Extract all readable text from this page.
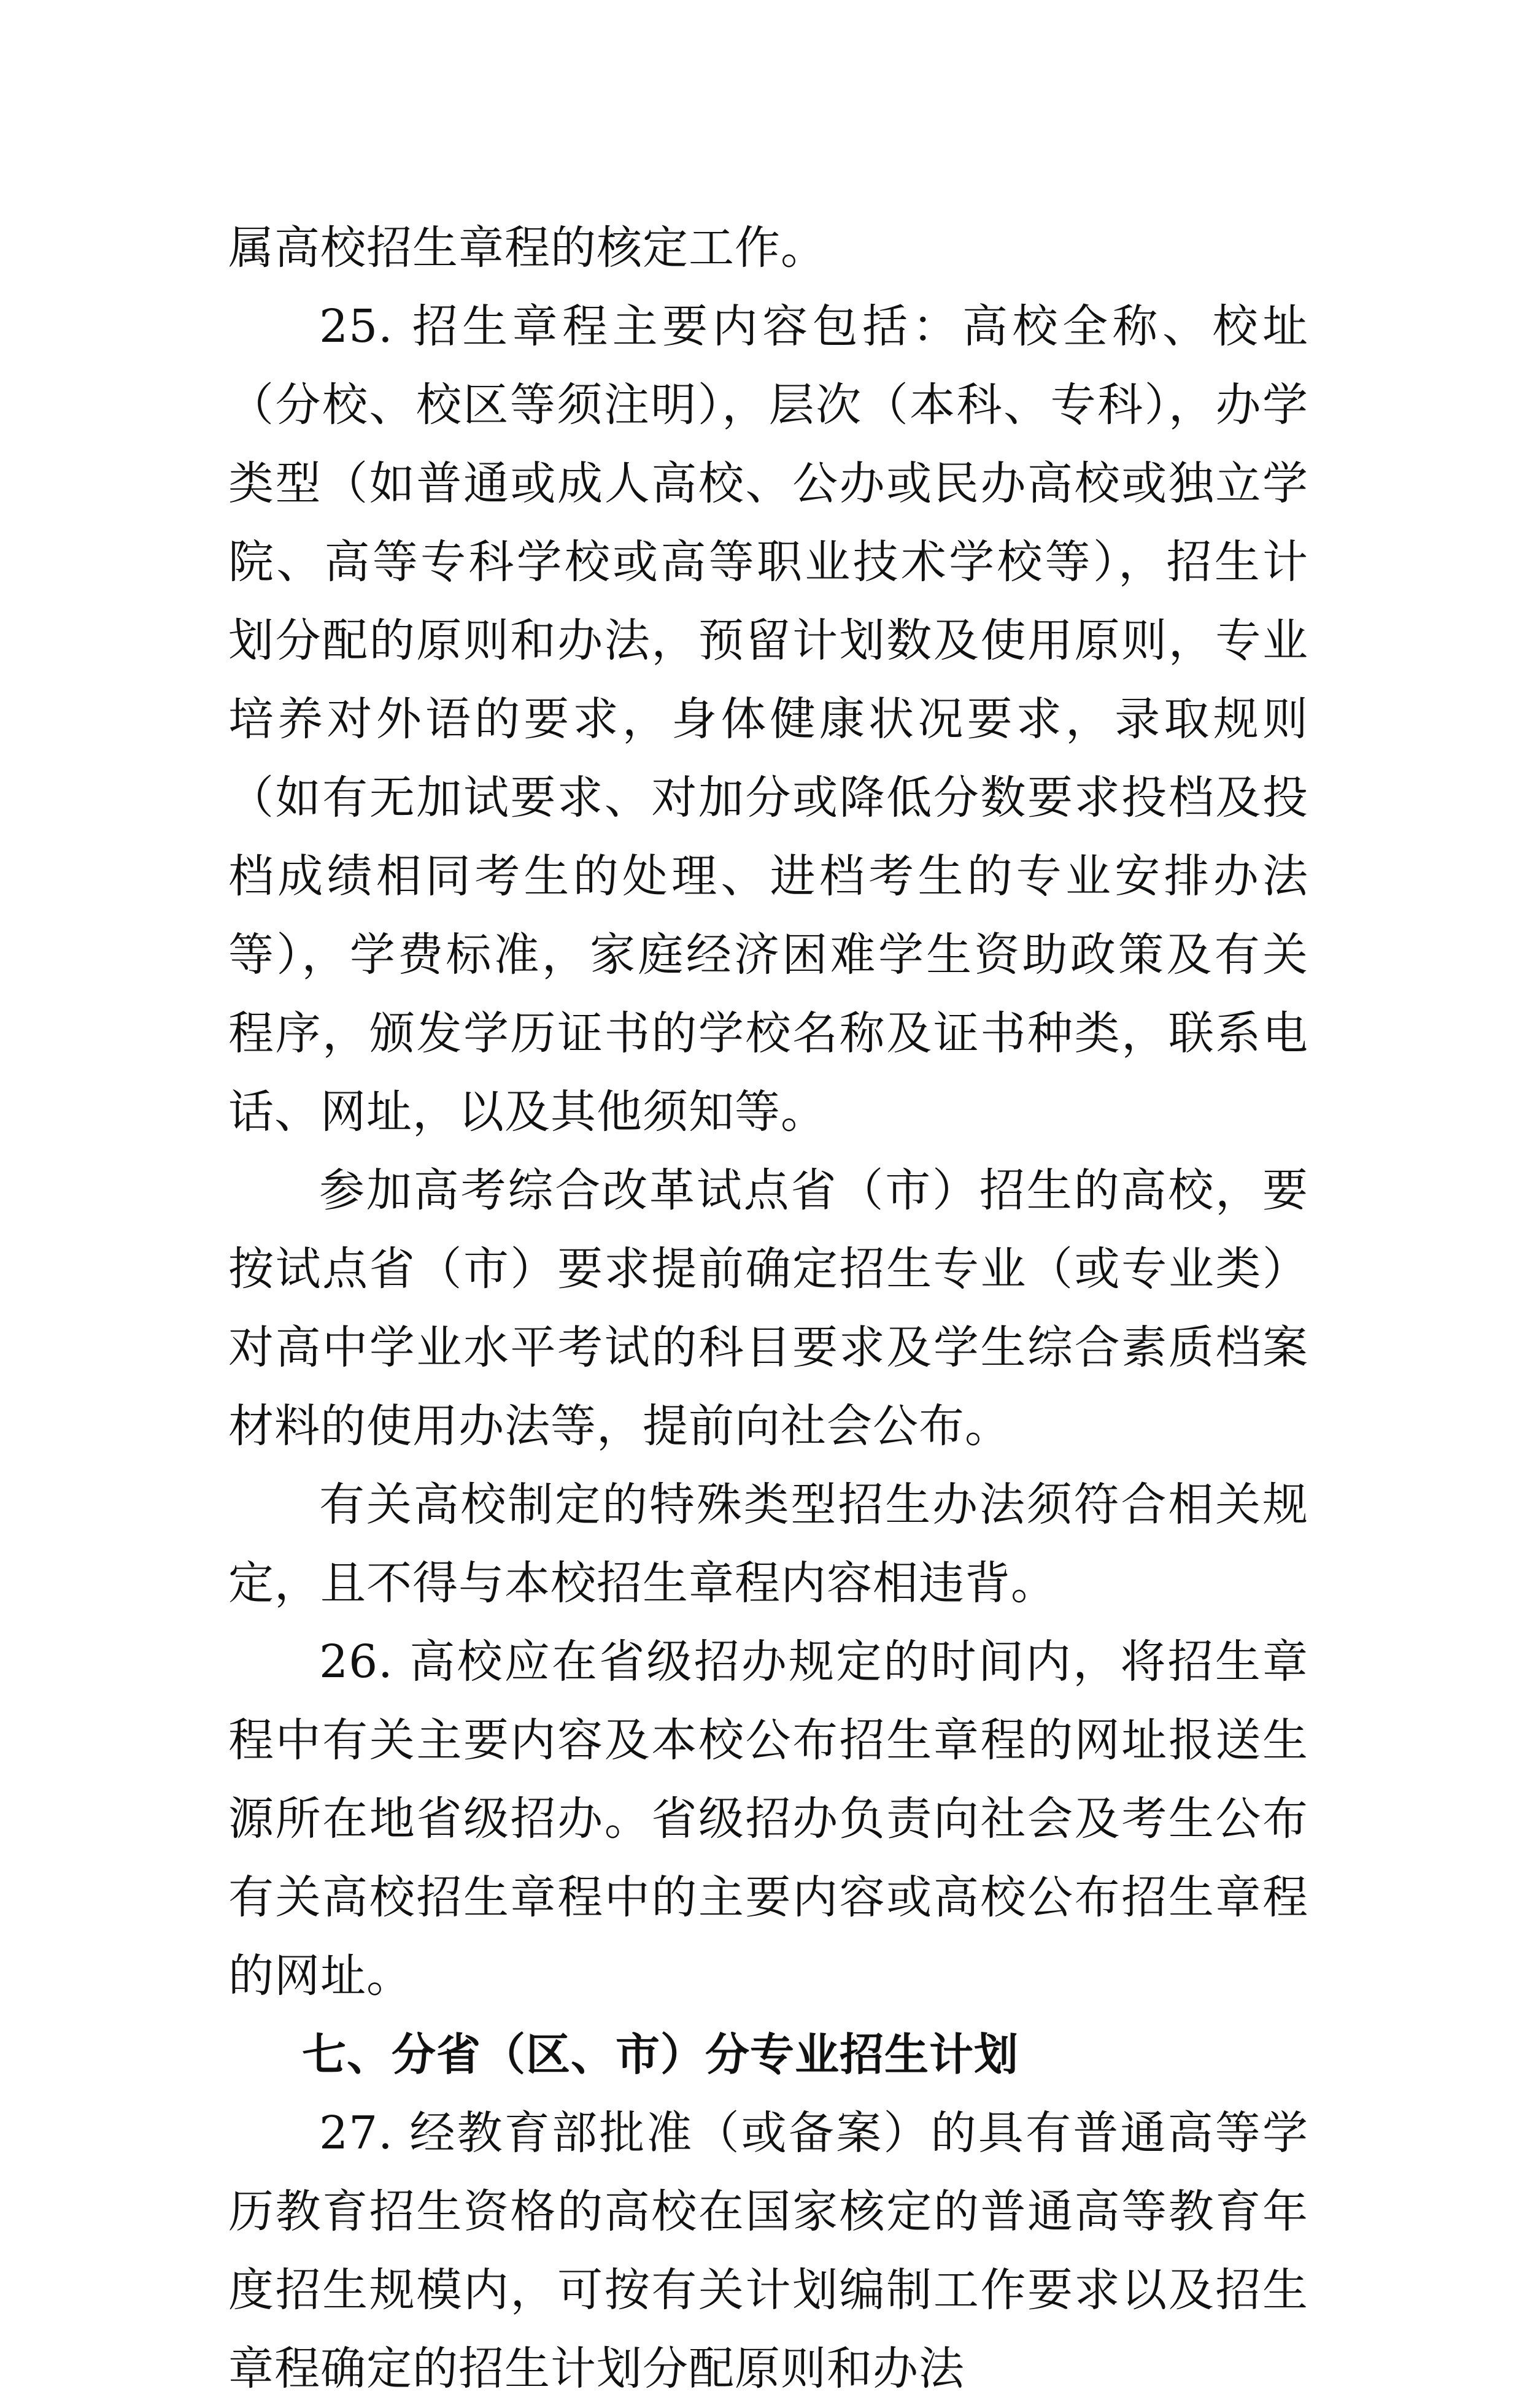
属高校招生章程的核定工作。

25. 招生章程主要内容包括：高校全称、校址（分校、校区等须注明），层次（本科、专科），办学类型（如普通或成人高校、公办或民办高校或独立学院、高等专科学校或高等职业技术学校等），招生计划分配的原则和办法，预留计划数及使用原则，专业培养对外语的要求，身体健康状况要求，录取规则（如有无加试要求、对加分或降低分数要求投档及投档成绩相同考生的处理、进档考生的专业安排办法等），学费标准，家庭经济困难学生资助政策及有关程序，颁发学历证书的学校名称及证书种类，联系电话、网址，以及其他须知等。

参加高考综合改革试点省（市）招生的高校，要按试点省（市）要求提前确定招生专业（或专业类）对高中学业水平考试的科目要求及学生综合素质档案材料的使用办法等，提前向社会公布。

有关高校制定的特殊类型招生办法须符合相关规定，且不得与本校招生章程内容相违背。

26. 高校应在省级招办规定的时间内，将招生章程中有关主要内容及本校公布招生章程的网址报送生源所在地省级招办。省级招办负责向社会及考生公布有关高校招生章程中的主要内容或高校公布招生章程的网址。

七、分省（区、市）分专业招生计划

27. 经教育部批准（或备案）的具有普通高等学历教育招生资格的高校在国家核定的普通高等教育年度招生规模内，可按有关计划编制工作要求以及招生章程确定的招生计划分配原则和办法
